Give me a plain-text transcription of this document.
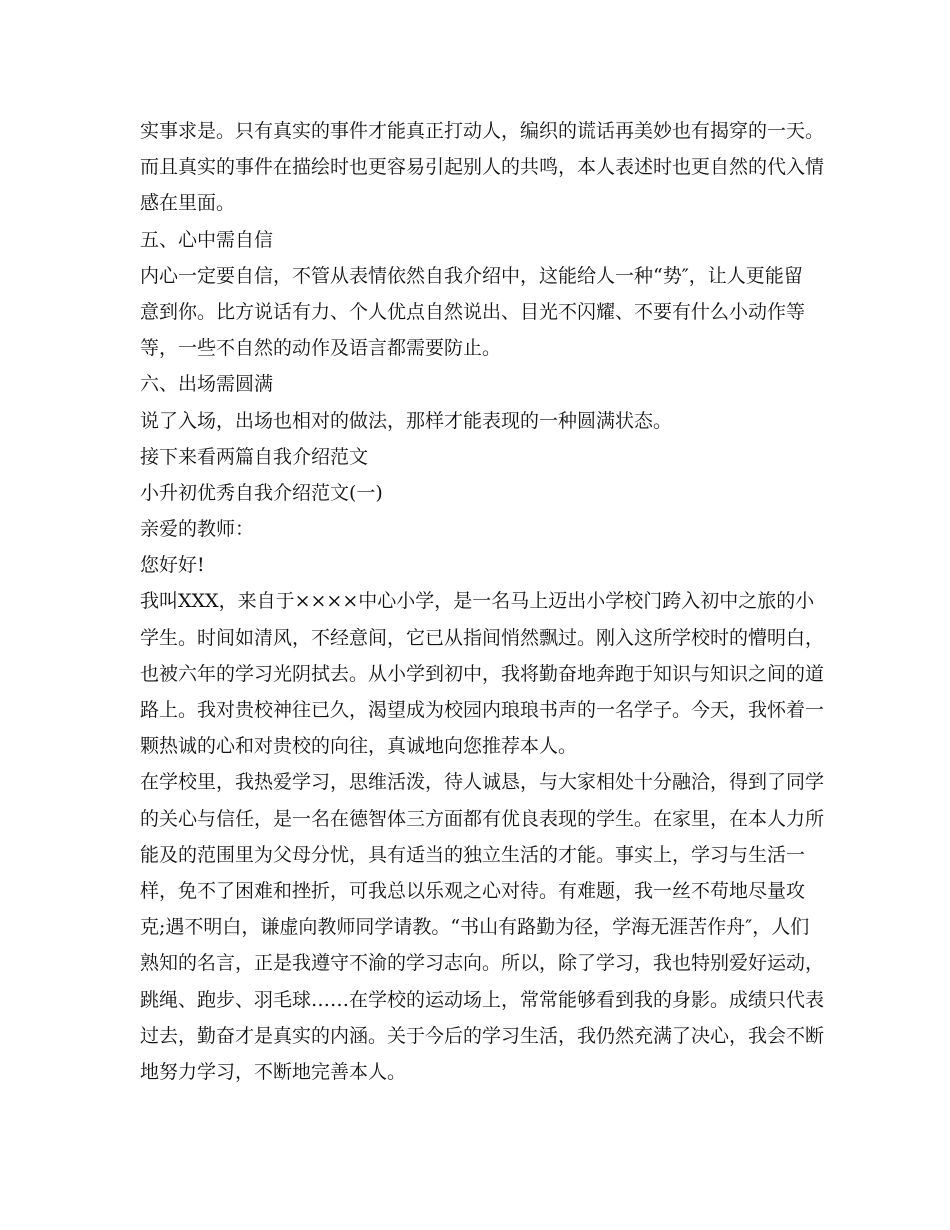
实事求是。只有真实的事件才能真正打动人，编织的谎话再美妙也有揭穿的一天。
而且真实的事件在描绘时也更容易引起别人的共鸣，本人表述时也更自然的代入情
感在里面。
五、心中需自信
内心一定要自信，不管从表情依然自我介绍中，这能给人一种“势″，让人更能留
意到你。比方说话有力、个人优点自然说出、目光不闪耀、不要有什么小动作等
等，一些不自然的动作及语言都需要防止。
六、出场需圆满
说了入场，出场也相对的做法，那样才能表现的一种圆满状态。
接下来看两篇自我介绍范文
小升初优秀自我介绍范文(一)
亲爱的教师：
您好好!
我叫XXX，来自于××××中心小学，是一名马上迈出小学校门跨入初中之旅的小
学生。时间如清风，不经意间，它已从指间悄然飘过。刚入这所学校时的懵明白，
也被六年的学习光阴拭去。从小学到初中，我将勤奋地奔跑于知识与知识之间的道
路上。我对贵校神往已久，渴望成为校园内琅琅书声的一名学子。今天，我怀着一
颗热诚的心和对贵校的向往，真诚地向您推荐本人。
在学校里，我热爱学习，思维活泼，待人诚恳，与大家相处十分融洽，得到了同学
的关心与信任，是一名在德智体三方面都有优良表现的学生。在家里，在本人力所
能及的范围里为父母分忧，具有适当的独立生活的才能。事实上，学习与生活一
样，免不了困难和挫折，可我总以乐观之心对待。有难题，我一丝不苟地尽量攻
克;遇不明白，谦虚向教师同学请教。“书山有路勤为径，学海无涯苦作舟″，人们
熟知的名言，正是我遵守不渝的学习志向。所以，除了学习，我也特别爱好运动，
跳绳、跑步、羽毛球……在学校的运动场上，常常能够看到我的身影。成绩只代表
过去，勤奋才是真实的内涵。关于今后的学习生活，我仍然充满了决心，我会不断
地努力学习，不断地完善本人。
